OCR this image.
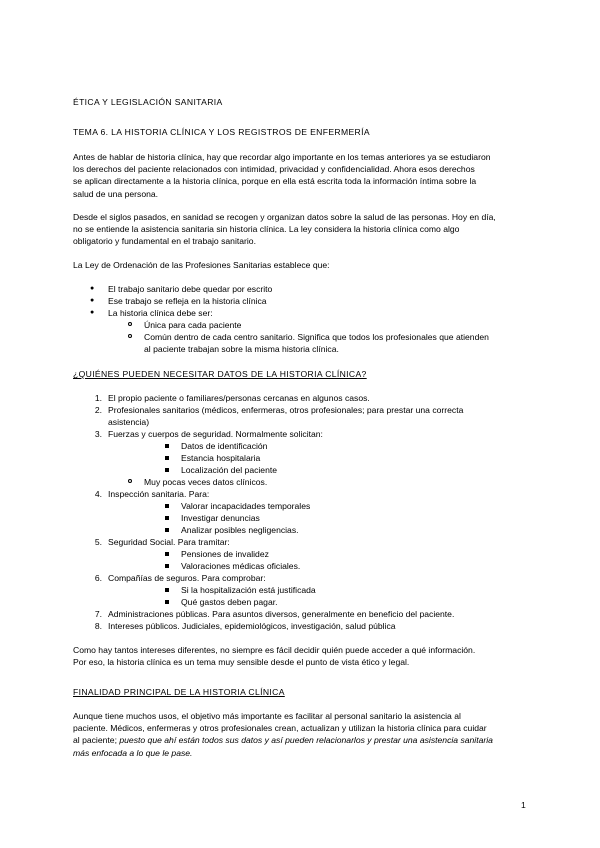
ÉTICA Y LEGISLACIÓN SANITARIA
TEMA 6. LA HISTORIA CLÍNICA Y LOS REGISTROS DE ENFERMERÍA
Antes de hablar de historia clínica, hay que recordar algo importante en los temas anteriores ya se estudiaron
los derechos del paciente relacionados con intimidad, privacidad y confidencialidad. Ahora esos derechos
se aplican directamente a la historia clínica, porque en ella está escrita toda la información íntima sobre la
salud de una persona.
Desde el siglos pasados, en sanidad se recogen y organizan datos sobre la salud de las personas. Hoy en día,
no se entiende la asistencia sanitaria sin historia clínica. La ley considera la historia clínica como algo
obligatorio y fundamental en el trabajo sanitario.
La Ley de Ordenación de las Profesiones Sanitarias establece que:
● El trabajo sanitario debe quedar por escrito
● Ese trabajo se refleja en la historia clínica
● La historia clínica debe ser:
Única para cada paciente
Común dentro de cada centro sanitario. Significa que todos los profesionales que atienden
al paciente trabajan sobre la misma historia clínica.
¿QUIÉNES PUEDEN NECESITAR DATOS DE LA HISTORIA CLÍNICA?
1. El propio paciente o familiares/personas cercanas en algunos casos.
2. Profesionales sanitarios (médicos, enfermeras, otros profesionales; para prestar una correcta
asistencia)
3. Fuerzas y cuerpos de seguridad. Normalmente solicitan:
Datos de identificación
Estancia hospitalaria
Localización del paciente
Muy pocas veces datos clínicos.
4. Inspección sanitaria. Para:
Valorar incapacidades temporales
Investigar denuncias
Analizar posibles negligencias.
5. Seguridad Social. Para tramitar:
Pensiones de invalidez
Valoraciones médicas oficiales.
6. Compañías de seguros. Para comprobar:
Si la hospitalización está justificada
Qué gastos deben pagar.
7. Administraciones públicas. Para asuntos diversos, generalmente en beneficio del paciente.
8. Intereses públicos. Judiciales, epidemiológicos, investigación, salud pública
Como hay tantos intereses diferentes, no siempre es fácil decidir quién puede acceder a qué información.
Por eso, la historia clínica es un tema muy sensible desde el punto de vista ético y legal.
FINALIDAD PRINCIPAL DE LA HISTORIA CLÍNICA
Aunque tiene muchos usos, el objetivo más importante es facilitar al personal sanitario la asistencia al
paciente. Médicos, enfermeras y otros profesionales crean, actualizan y utilizan la historia clínica para cuidar
al paciente; puesto que ahí están todos sus datos y así pueden relacionarlos y prestar una asistencia sanitaria
más enfocada a lo que le pase.
1
